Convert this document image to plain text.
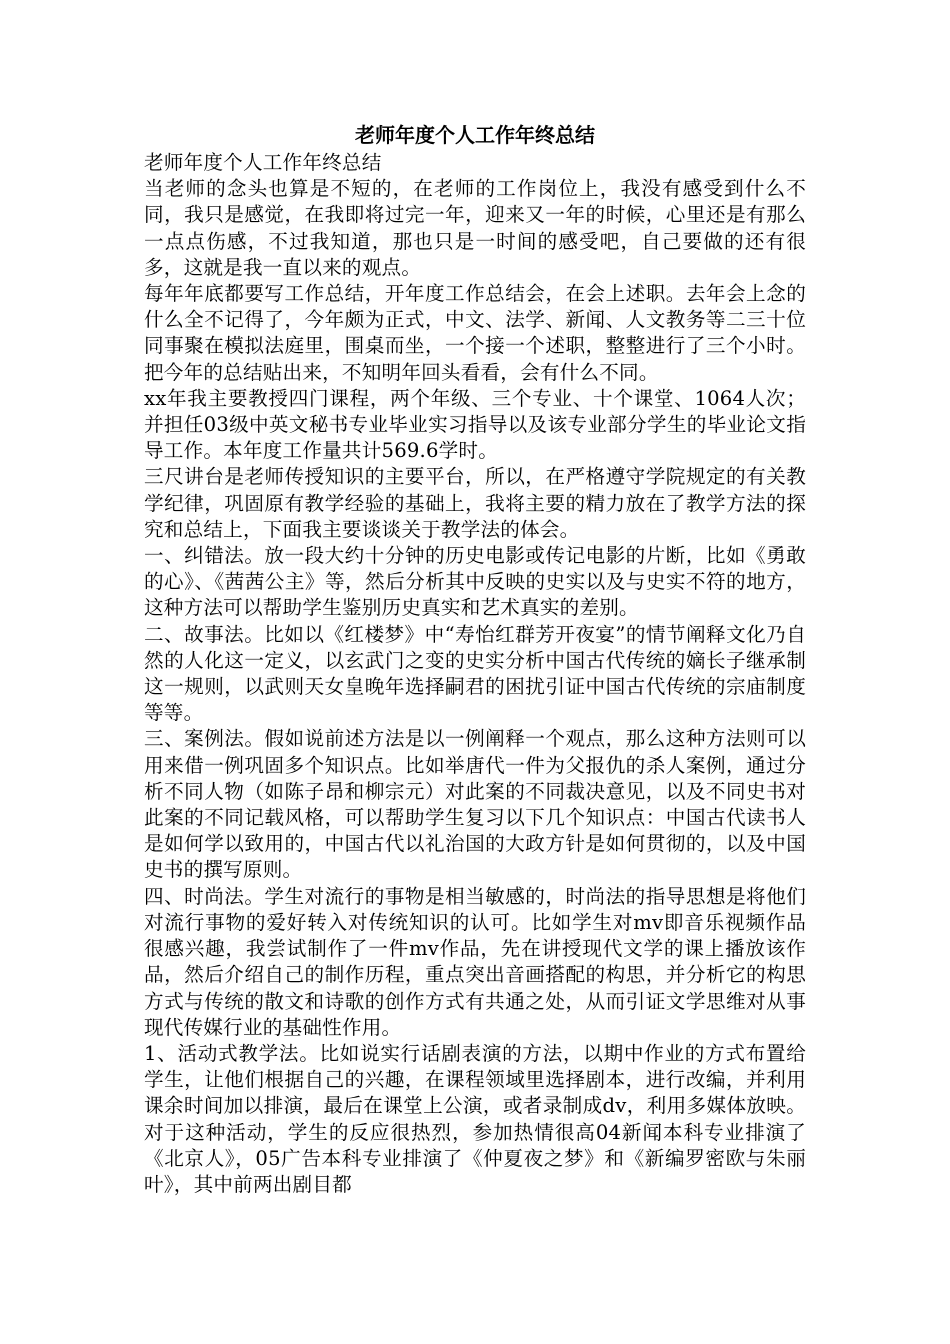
老师年度个人工作年终总结

老师年度个人工作年终总结

当老师的念头也算是不短的，在老师的工作岗位上，我没有感受到什么不同，我只是感觉，在我即将过完一年，迎来又一年的时候，心里还是有那么一点点伤感，不过我知道，那也只是一时间的感受吧，自己要做的还有很多，这就是我一直以来的观点。

每年年底都要写工作总结，开年度工作总结会，在会上述职。去年会上念的什么全不记得了，今年颇为正式，中文、法学、新闻、人文教务等二三十位同事聚在模拟法庭里，围桌而坐，一个接一个述职，整整进行了三个小时。把今年的总结贴出来，不知明年回头看看，会有什么不同。

xx年我主要教授四门课程，两个年级、三个专业、十个课堂、1064人次；并担任03级中英文秘书专业毕业实习指导以及该专业部分学生的毕业论文指导工作。本年度工作量共计569.6学时。

三尺讲台是老师传授知识的主要平台，所以，在严格遵守学院规定的有关教学纪律，巩固原有教学经验的基础上，我将主要的精力放在了教学方法的探究和总结上，下面我主要谈谈关于教学法的体会。

一、纠错法。放一段大约十分钟的历史电影或传记电影的片断，比如《勇敢的心》、《茜茜公主》等，然后分析其中反映的史实以及与史实不符的地方，这种方法可以帮助学生鉴别历史真实和艺术真实的差别。

二、故事法。比如以《红楼梦》中“寿怡红群芳开夜宴”的情节阐释文化乃自然的人化这一定义，以玄武门之变的史实分析中国古代传统的嫡长子继承制这一规则，以武则天女皇晚年选择嗣君的困扰引证中国古代传统的宗庙制度等等。

三、案例法。假如说前述方法是以一例阐释一个观点，那么这种方法则可以用来借一例巩固多个知识点。比如举唐代一件为父报仇的杀人案例，通过分析不同人物（如陈子昂和柳宗元）对此案的不同裁决意见，以及不同史书对此案的不同记载风格，可以帮助学生复习以下几个知识点：中国古代读书人是如何学以致用的，中国古代以礼治国的大政方针是如何贯彻的，以及中国史书的撰写原则。

四、时尚法。学生对流行的事物是相当敏感的，时尚法的指导思想是将他们对流行事物的爱好转入对传统知识的认可。比如学生对mv即音乐视频作品很感兴趣，我尝试制作了一件mv作品，先在讲授现代文学的课上播放该作品，然后介绍自己的制作历程，重点突出音画搭配的构思，并分析它的构思方式与传统的散文和诗歌的创作方式有共通之处，从而引证文学思维对从事现代传媒行业的基础性作用。

1、活动式教学法。比如说实行话剧表演的方法，以期中作业的方式布置给学生，让他们根据自己的兴趣，在课程领域里选择剧本，进行改编，并利用课余时间加以排演，最后在课堂上公演，或者录制成dv，利用多媒体放映。对于这种活动，学生的反应很热烈，参加热情很高04新闻本科专业排演了《北京人》，05广告本科专业排演了《仲夏夜之梦》和《新编罗密欧与朱丽叶》，其中前两出剧目都
